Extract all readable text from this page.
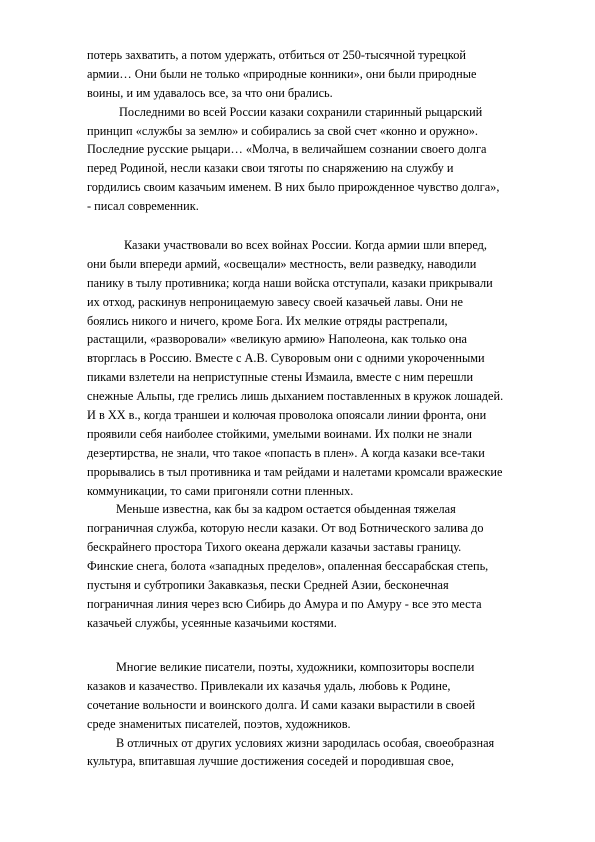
потерь захватить, а потом удержать, отбиться от 250-тысячной турецкой
армии… Они были не только «природные конники», они были природные
воины, и им удавалось все, за что они брались.
Последними во всей России казаки сохранили старинный рыцарский
принцип «службы за землю» и собирались за свой счет «конно и оружно».
Последние русские рыцари… «Молча, в величайшем сознании своего долга
перед Родиной, несли казаки свои тяготы по снаряжению на службу и
гордились своим казачьим именем. В них было прирожденное чувство долга»,
- писал современник.
Казаки участвовали во всех войнах России. Когда армии шли вперед,
они были впереди армий, «освещали» местность, вели разведку, наводили
панику в тылу противника; когда наши войска отступали, казаки прикрывали
их отход, раскинув непроницаемую завесу своей казачьей лавы. Они не
боялись никого и ничего, кроме Бога. Их мелкие отряды растрепали,
растащили, «разворовали» «великую армию» Наполеона, как только она
вторглась в Россию. Вместе с А.В. Суворовым они с одними укороченными
пиками взлетели на неприступные стены Измаила, вместе с ним перешли
снежные Альпы, где грелись лишь дыханием поставленных в кружок лошадей.
И в XX в., когда траншеи и колючая проволока опоясали линии фронта, они
проявили себя наиболее стойкими, умелыми воинами. Их полки не знали
дезертирства, не знали, что такое «попасть в плен». А когда казаки все-таки
прорывались в тыл противника и там рейдами и налетами кромсали вражеские
коммуникации, то сами пригоняли сотни пленных.
Меньше известна, как бы за кадром остается обыденная тяжелая
пограничная служба, которую несли казаки. От вод Ботнического залива до
бескрайнего простора Тихого океана держали казачьи заставы границу.
Финские снега, болота «западных пределов», опаленная бессарабская степь,
пустыня и субтропики Закавказья, пески Средней Азии, бесконечная
пограничная линия через всю Сибирь до Амура и по Амуру - все это места
казачьей службы, усеянные казачьими костями.
Многие великие писатели, поэты, художники, композиторы воспели
казаков и казачество. Привлекали их казачья удаль, любовь к Родине,
сочетание вольности и воинского долга. И сами казаки вырастили в своей
среде знаменитых писателей, поэтов, художников.
В отличных от других условиях жизни зародилась особая, своеобразная
культура, впитавшая лучшие достижения соседей и породившая свое,
